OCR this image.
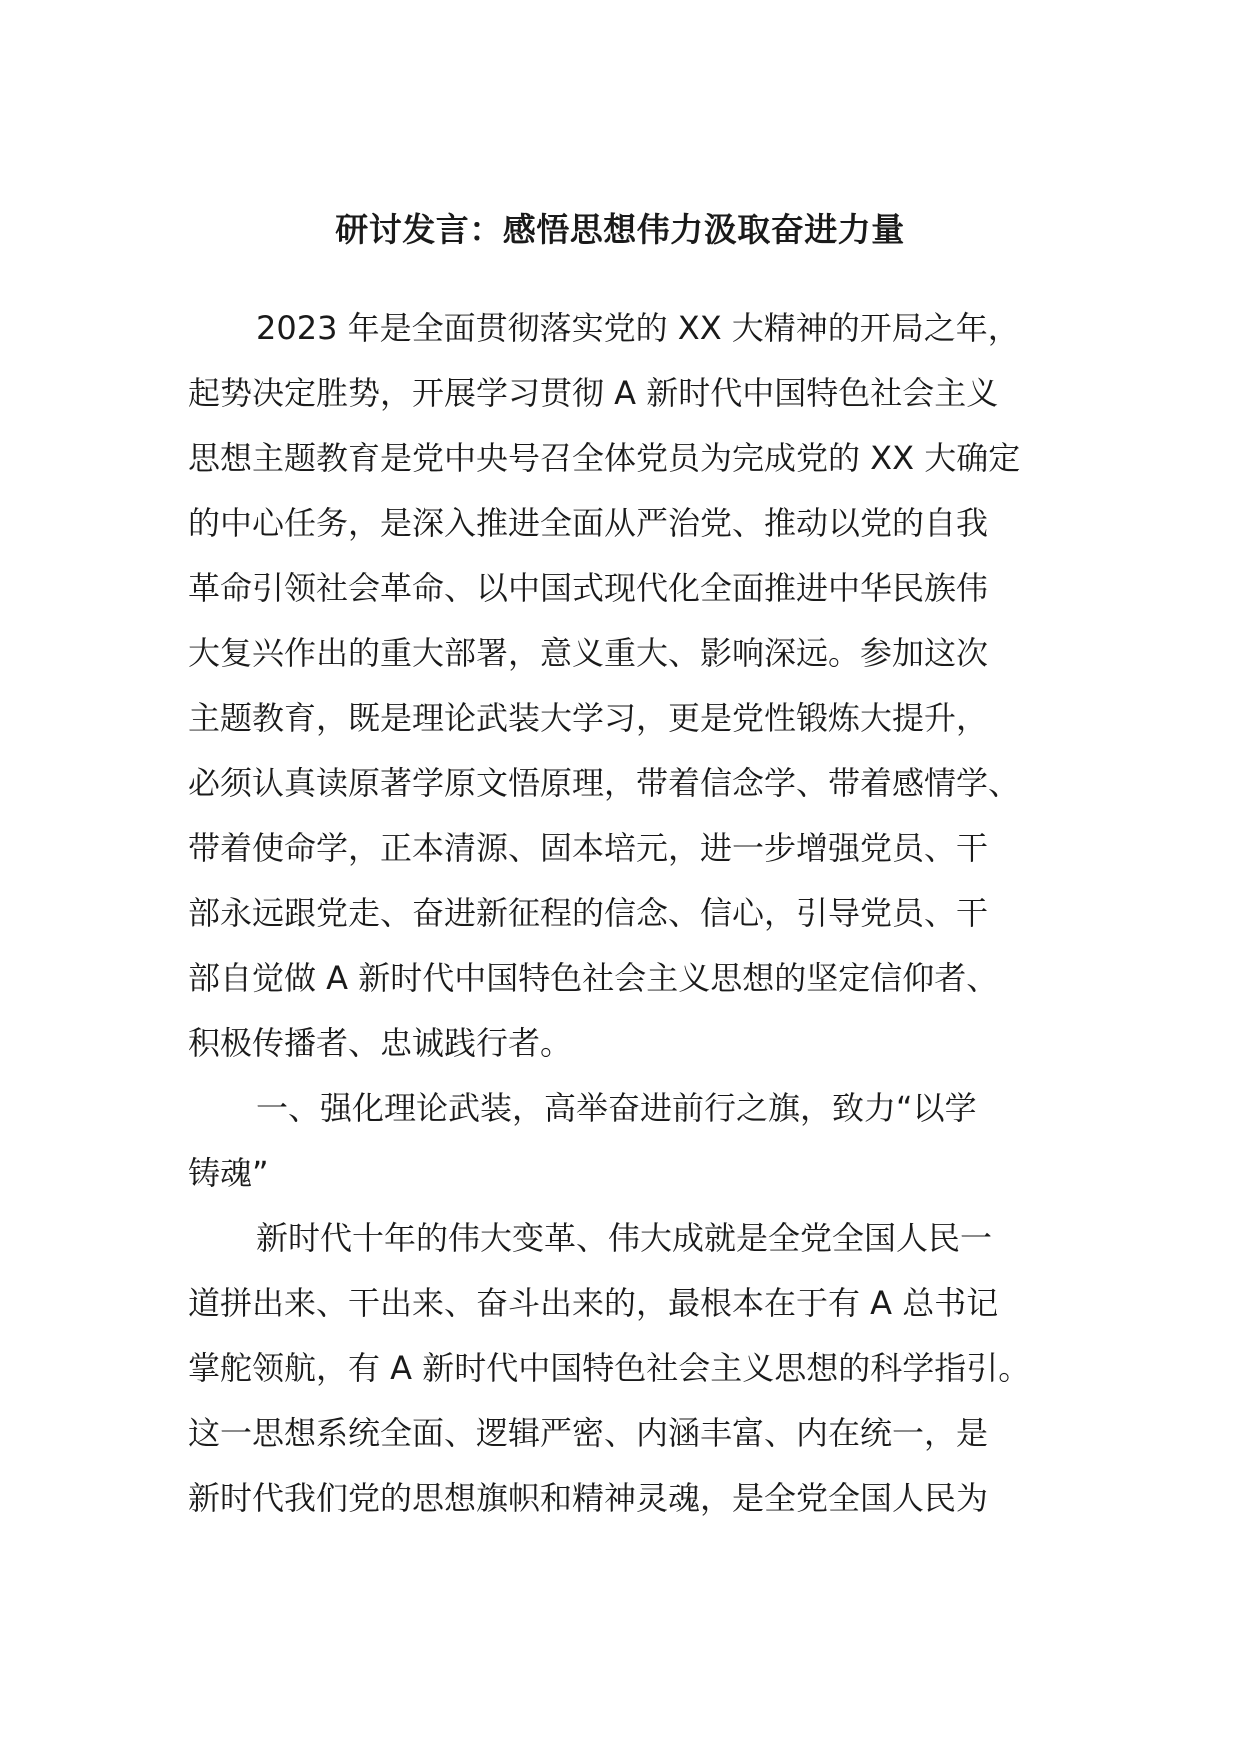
研讨发言：感悟思想伟力汲取奋进力量
2023 年是全面贯彻落实党的 XX 大精神的开局之年，
起势决定胜势，开展学习贯彻 A 新时代中国特色社会主义
思想主题教育是党中央号召全体党员为完成党的 XX 大确定
的中心任务，是深入推进全面从严治党、推动以党的自我
革命引领社会革命、以中国式现代化全面推进中华民族伟
大复兴作出的重大部署，意义重大、影响深远。参加这次
主题教育，既是理论武装大学习，更是党性锻炼大提升，
必须认真读原著学原文悟原理，带着信念学、带着感情学、
带着使命学，正本清源、固本培元，进一步增强党员、干
部永远跟党走、奋进新征程的信念、信心，引导党员、干
部自觉做 A 新时代中国特色社会主义思想的坚定信仰者、
积极传播者、忠诚践行者。
一、强化理论武装，高举奋进前行之旗，致力“以学
铸魂”
新时代十年的伟大变革、伟大成就是全党全国人民一
道拼出来、干出来、奋斗出来的，最根本在于有 A 总书记
掌舵领航，有 A 新时代中国特色社会主义思想的科学指引。
这一思想系统全面、逻辑严密、内涵丰富、内在统一，是
新时代我们党的思想旗帜和精神灵魂，是全党全国人民为
